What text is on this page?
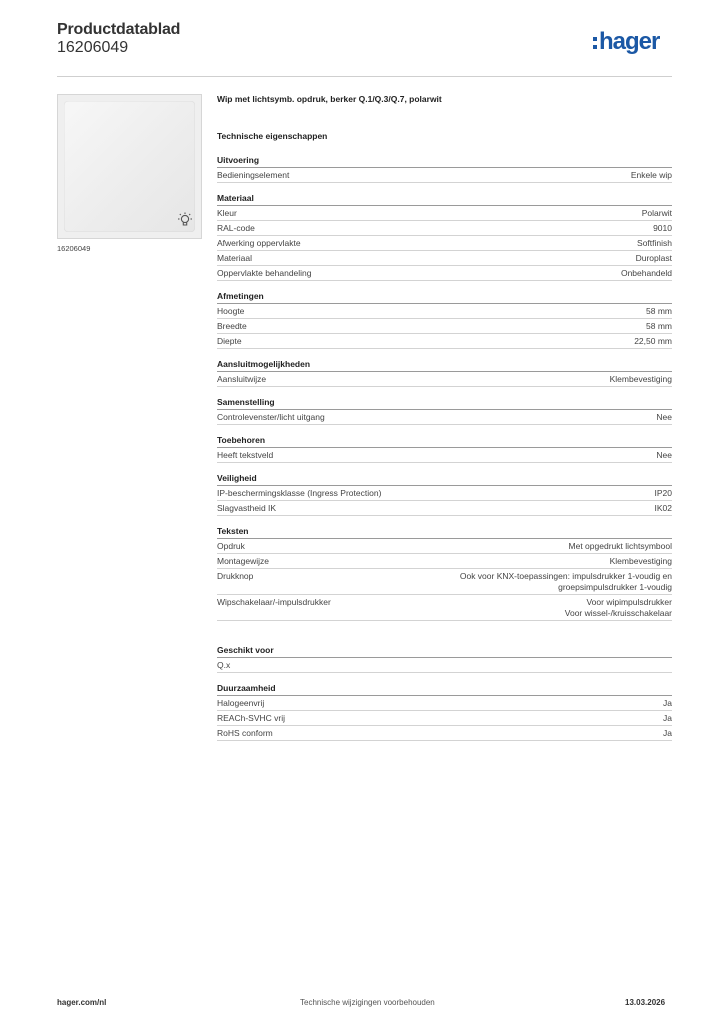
Productdatablad
16206049	hager
16206049
Wip met lichtsymb. opdruk, berker Q.1/Q.3/Q.7, polarwit
Technische eigenschappen
Uitvoering
Bedieningselement	Enkele wip
Materiaal
Kleur	Polarwit
RAL-code	9010
Afwerking oppervlakte	Softfinish
Materiaal	Duroplast
Oppervlakte behandeling	Onbehandeld
Afmetingen
Hoogte	58 mm
Breedte	58 mm
Diepte	22,50 mm
Aansluitmogelijkheden
Aansluitwijze	Klembevestiging
Samenstelling
Controlevenster/licht uitgang	Nee
Toebehoren
Heeft tekstveld	Nee
Veiligheid
IP-beschermingsklasse (Ingress Protection)	IP20
Slagvastheid IK	IK02
Teksten
Opdruk	Met opgedrukt lichtsymbool
Montagewijze	Klembevestiging
Drukknop	Ook voor KNX-toepassingen: impulsdrukker 1-voudig en
groepsimpulsdrukker 1-voudig
Wipschakelaar/-impulsdrukker	Voor wipimpulsdrukker
Voor wissel-/kruisschakelaar
Geschikt voor
Q.x
Duurzaamheid
Halogeenvrij	Ja
REACh-SVHC vrij	Ja
RoHS conform	Ja
hager.com/nl	Technische wijzigingen voorbehouden	13.03.2026
